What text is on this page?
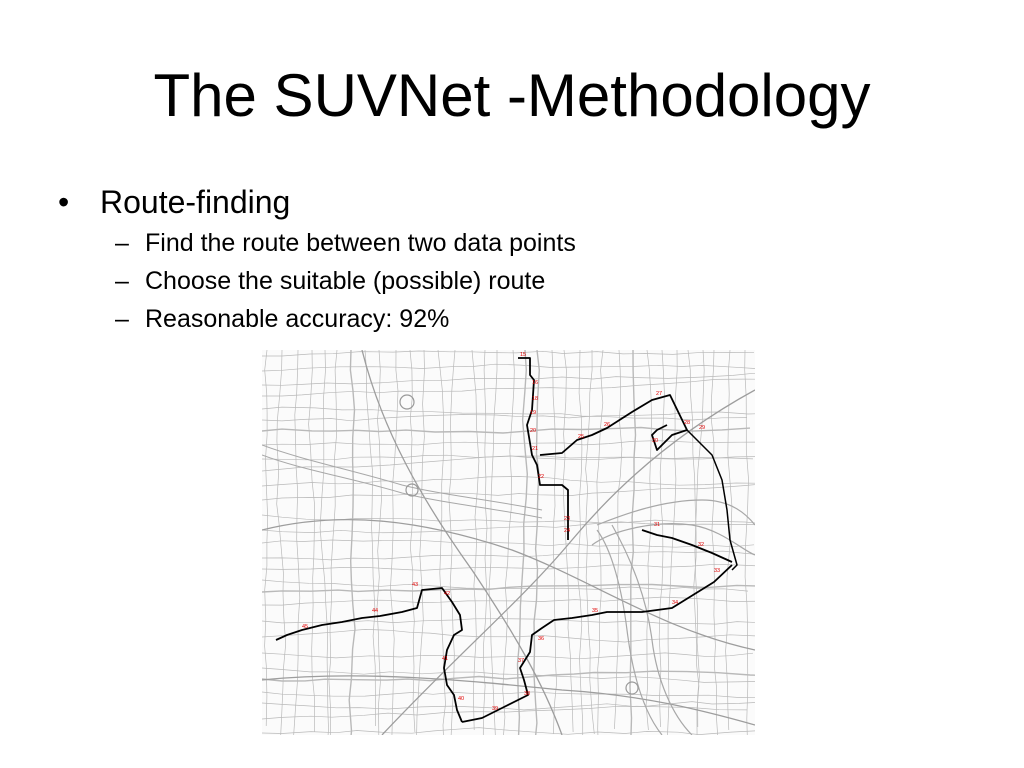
The SUVNet -Methodology
• Route-finding
– Find the route between two data points
– Choose the suitable (possible) route
– Reasonable accuracy: 92%
15
16
18
19
20
21
22
23
24
25
26
27
28
29
30
31
32
33
34
35
36
37
38
39
40
41
42
43
44
45
